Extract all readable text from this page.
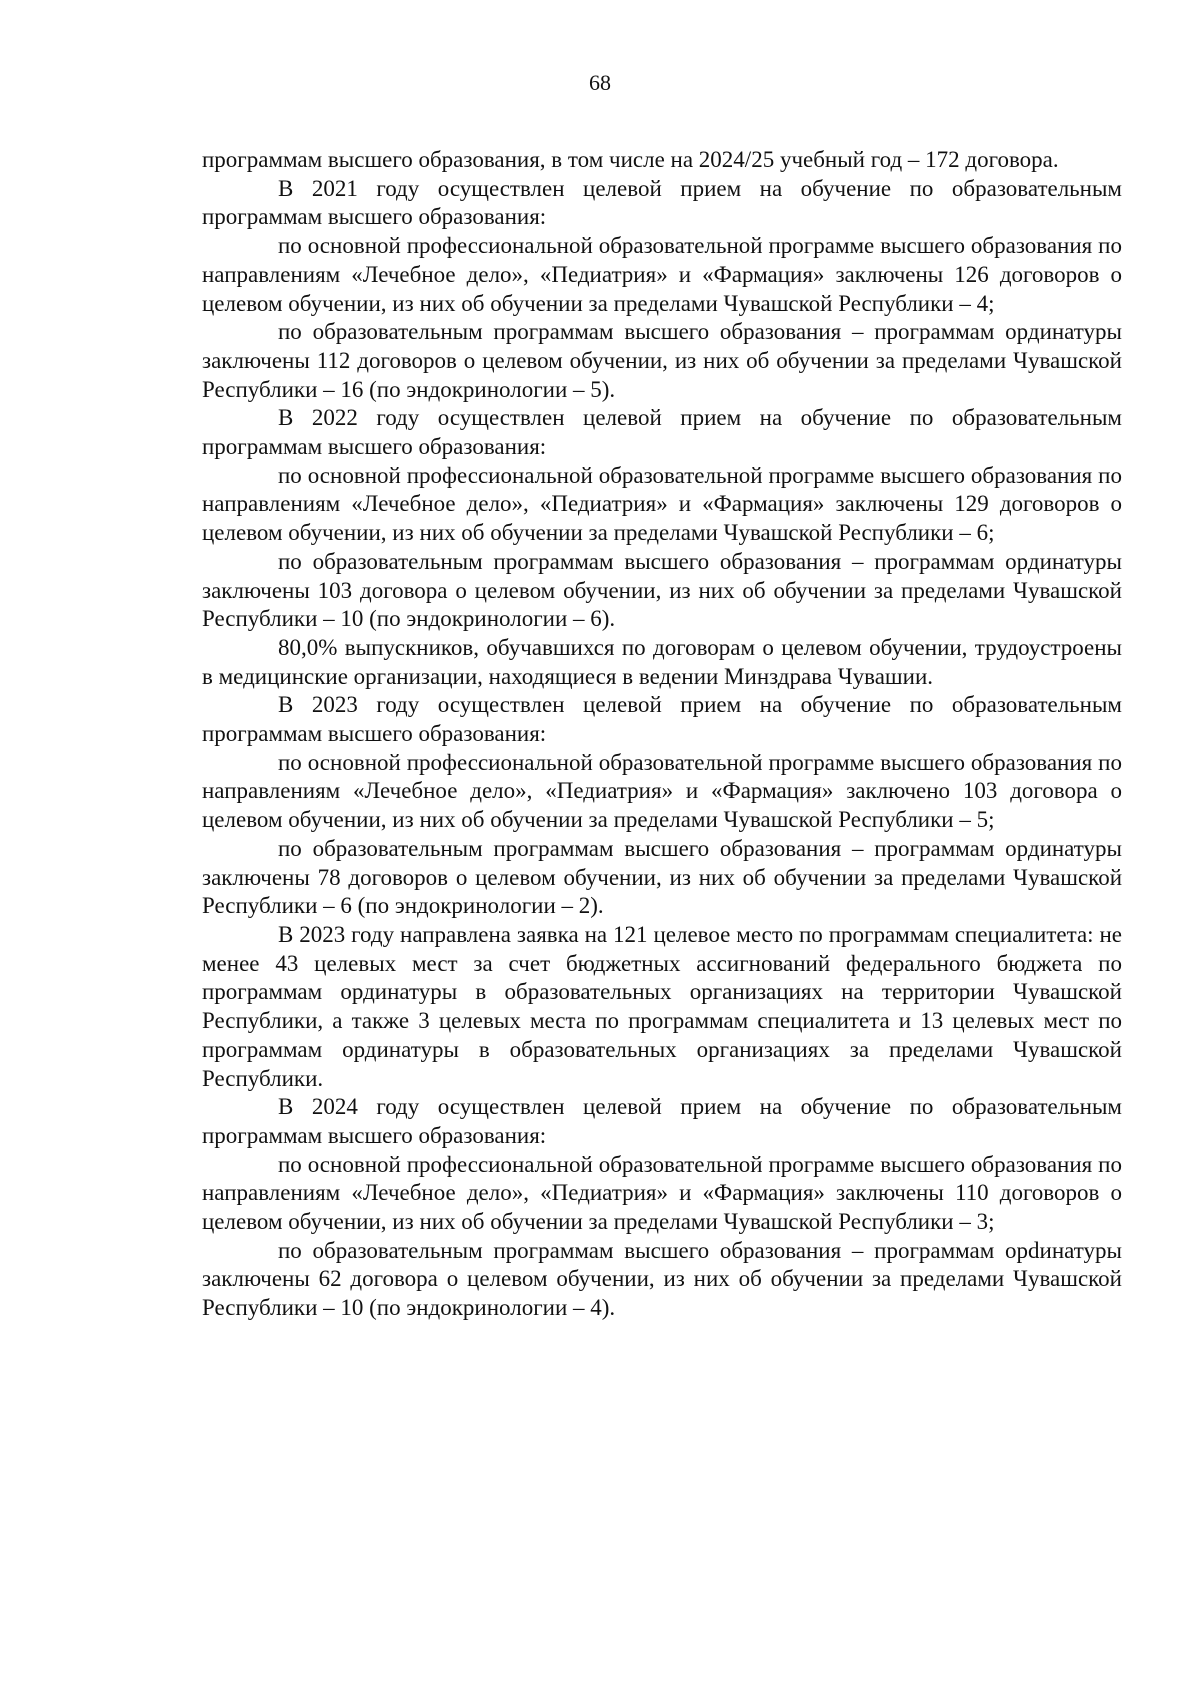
68

программам высшего образования, в том числе на 2024/25 учебный год – 172 договора.

В 2021 году осуществлен целевой прием на обучение по образовательным программам высшего образования:

по основной профессиональной образовательной программе высшего образования по направлениям «Лечебное дело», «Педиатрия» и «Фармация» заключены 126 договоров о целевом обучении, из них об обучении за пределами Чувашской Республики – 4;

по образовательным программам высшего образования – программам ординатуры заключены 112 договоров о целевом обучении, из них об обучении за пределами Чувашской Республики – 16 (по эндокринологии – 5).

В 2022 году осуществлен целевой прием на обучение по образовательным программам высшего образования:

по основной профессиональной образовательной программе высшего образования по направлениям «Лечебное дело», «Педиатрия» и «Фармация» заключены 129 договоров о целевом обучении, из них об обучении за пределами Чувашской Республики – 6;

по образовательным программам высшего образования – программам ординатуры заключены 103 договора о целевом обучении, из них об обучении за пределами Чувашской Республики – 10 (по эндокринологии – 6).

80,0% выпускников, обучавшихся по договорам о целевом обучении, трудоустроены в медицинские организации, находящиеся в ведении Минздрава Чувашии.

В 2023 году осуществлен целевой прием на обучение по образовательным программам высшего образования:

по основной профессиональной образовательной программе высшего образования по направлениям «Лечебное дело», «Педиатрия» и «Фармация» заключено 103 договора о целевом обучении, из них об обучении за пределами Чувашской Республики – 5;

по образовательным программам высшего образования – программам ординатуры заключены 78 договоров о целевом обучении, из них об обучении за пределами Чувашской Республики – 6 (по эндокринологии – 2).

В 2023 году направлена заявка на 121 целевое место по программам специалитета: не менее 43 целевых мест за счет бюджетных ассигнований федерального бюджета по программам ординатуры в образовательных организациях на территории Чувашской Республики, а также 3 целевых места по программам специалитета и 13 целевых мест по программам ординатуры в образовательных организациях за пределами Чувашской Республики.

В 2024 году осуществлен целевой прием на обучение по образовательным программам высшего образования:

по основной профессиональной образовательной программе высшего образования по направлениям «Лечебное дело», «Педиатрия» и «Фармация» заключены 110 договоров о целевом обучении, из них об обучении за пределами Чувашской Республики – 3;

по образовательным программам высшего образования – программам орdинатуры заключены 62 договора о целевом обучении, из них об обучении за пределами Чувашской Республики – 10 (по эндокринологии – 4).
